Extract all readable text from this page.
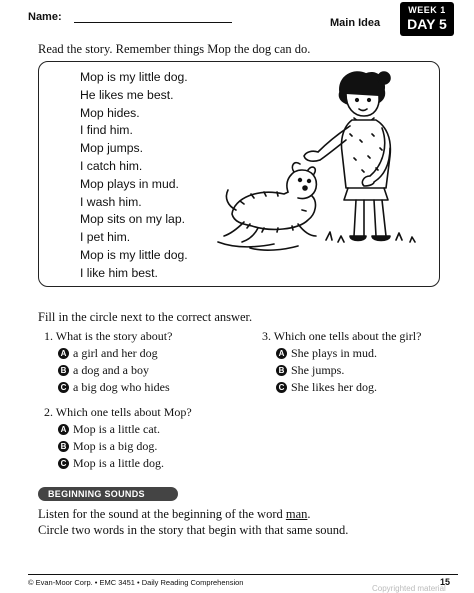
Name:	Main Idea
WEEK 1
DAY 5
Read the story. Remember things Mop the dog can do.
Mop is my little dog.
He likes me best.
Mop hides.
I find him.
Mop jumps.
I catch him.
Mop plays in mud.
I wash him.
Mop sits on my lap.
I pet him.
Mop is my little dog.
I like him best.
Fill in the circle next to the correct answer.
1. What is the story about?
A a girl and her dog
B a dog and a boy
C a big dog who hides
2. Which one tells about Mop?
A Mop is a little cat.
B Mop is a big dog.
C Mop is a little dog.
3. Which one tells about the girl?
A She plays in mud.
B She jumps.
C She likes her dog.
BEGINNING SOUNDS
Listen for the sound at the beginning of the word man.
Circle two words in the story that begin with that same sound.
© Evan-Moor Corp. • EMC 3451 • Daily Reading Comprehension	15
Copyrighted material
